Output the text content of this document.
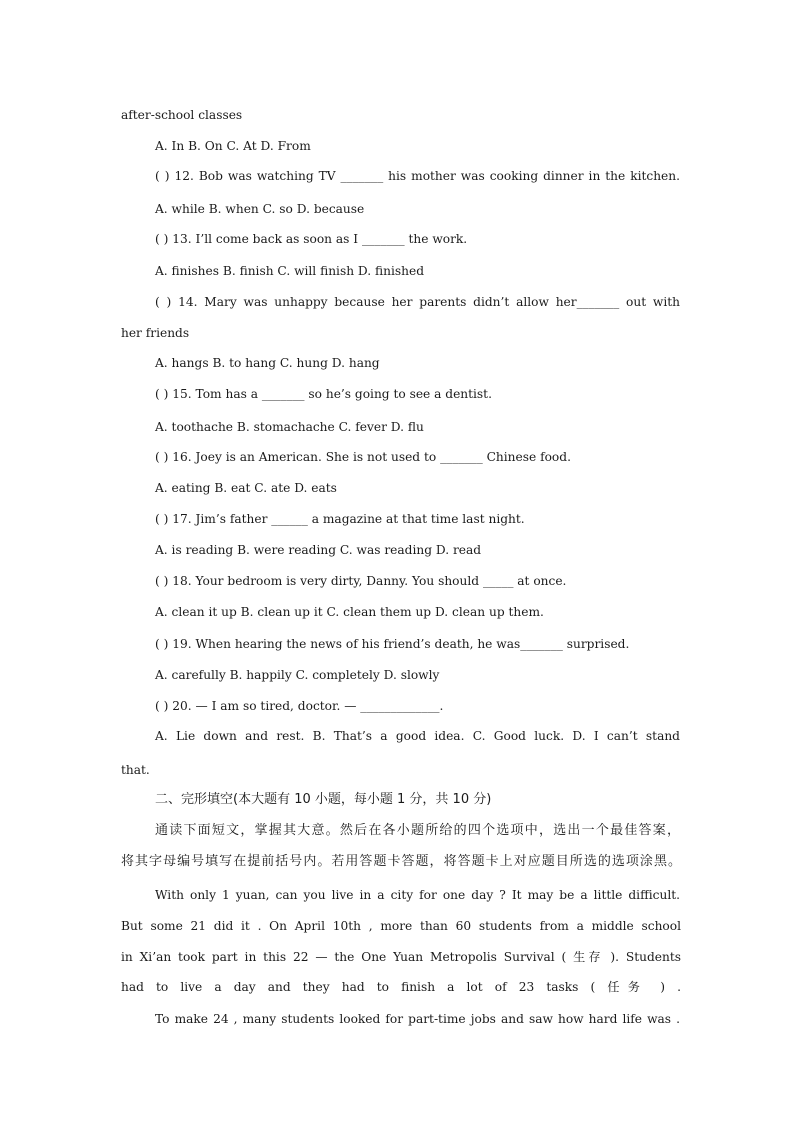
after-school classes
A. In B. On C. At D. From
( ) 12. Bob was watching TV _______ his mother was cooking dinner in the kitchen.
A. while B. when C. so D. because
( ) 13. I’ll come back as soon as I _______ the work.
A. finishes B. finish C. will finish D. finished
( ) 14. Mary was unhappy because her parents didn’t allow her_______ out with
her friends
A. hangs B. to hang C. hung D. hang
( ) 15. Tom has a _______ so he’s going to see a dentist.
A. toothache B. stomachache C. fever D. flu
( ) 16. Joey is an American. She is not used to _______ Chinese food.
A. eating B. eat C. ate D. eats
( ) 17. Jim’s father ______ a magazine at that time last night.
A. is reading B. were reading C. was reading D. read
( ) 18. Your bedroom is very dirty, Danny. You should _____ at once.
A. clean it up B. clean up it C. clean them up D. clean up them.
( ) 19. When hearing the news of his friend’s death, he was_______ surprised.
A. carefully B. happily C. completely D. slowly
( ) 20. — I am so tired, doctor. — _____________.
A. Lie down and rest. B. That’s a good idea. C. Good luck. D. I can’t stand
that.
二、完形填空(本大题有 10 小题，每小题 1 分，共 10 分)
通读下面短文，掌握其大意。然后在各小题所给的四个选项中，选出一个最佳答案，
将其字母编号填写在提前括号内。若用答题卡答题，将答题卡上对应题目所选的选项涂黑。
With only 1 yuan, can you live in a city for one day ? It may be a little difficult.
But some 21 did it . On April 10th , more than 60 students from a middle school
in Xi’an took part in this 22 — the One Yuan Metropolis Survival ( 生存 ). Students
had to live a day and they had to finish a lot of 23 tasks ( 任务 ) .
To make 24 , many students looked for part-time jobs and saw how hard life was .
